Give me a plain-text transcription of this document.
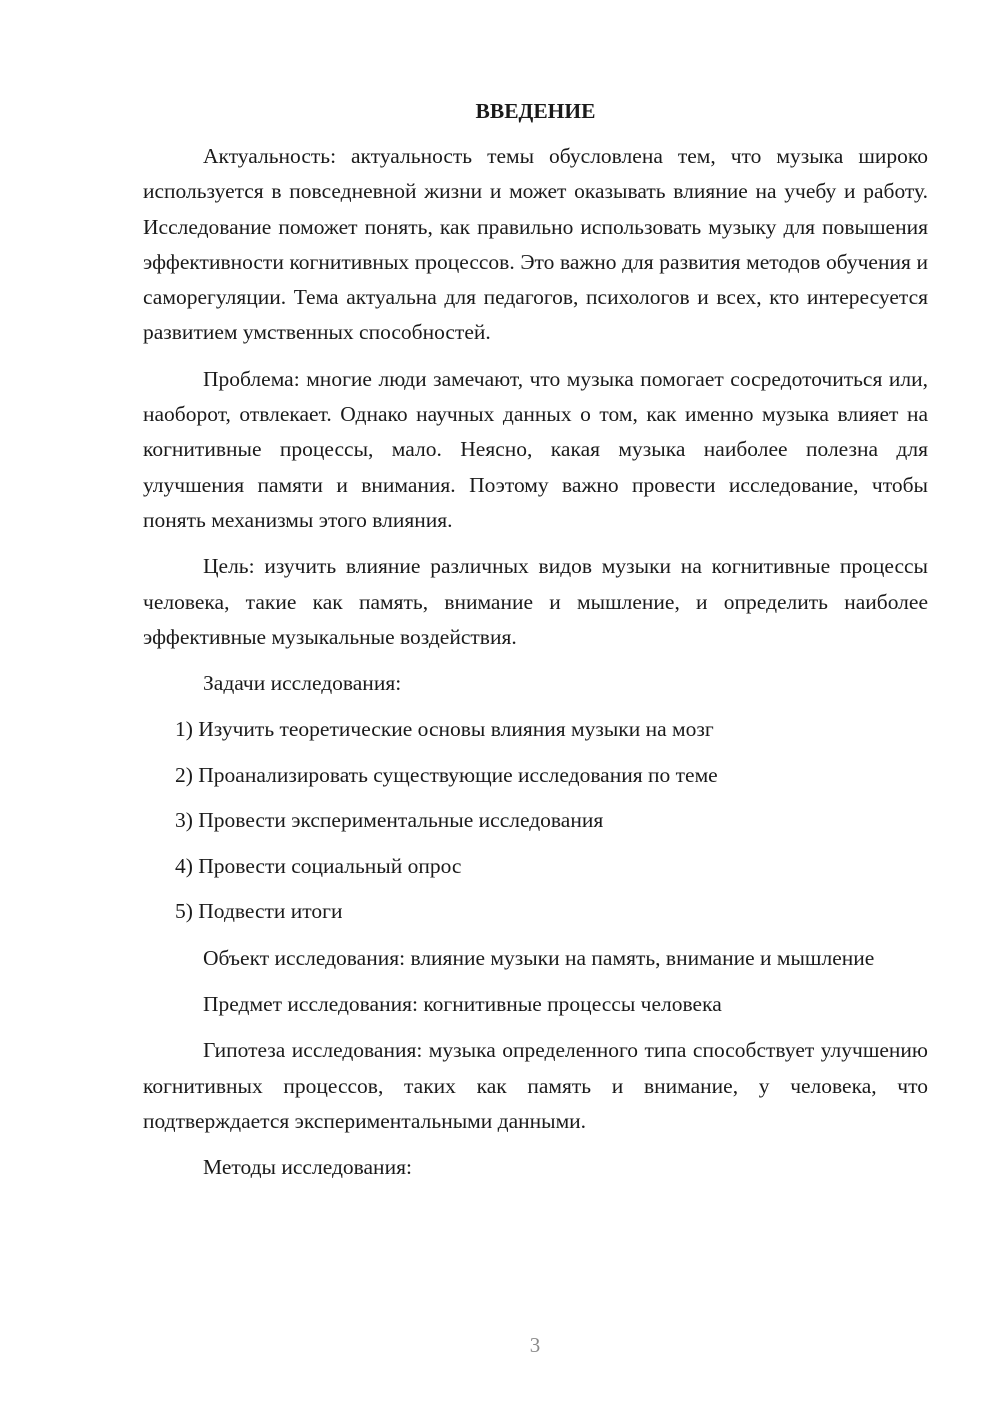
ВВЕДЕНИЕ

Актуальность: актуальность темы обусловлена тем, что музыка широко используется в повседневной жизни и может оказывать влияние на учебу и работу. Исследование поможет понять, как правильно использовать музыку для повышения эффективности когнитивных процессов. Это важно для развития методов обучения и саморегуляции. Тема актуальна для педагогов, психологов и всех, кто интересуется развитием умственных способностей.

Проблема: многие люди замечают, что музыка помогает сосредоточиться или, наоборот, отвлекает. Однако научных данных о том, как именно музыка влияет на когнитивные процессы, мало. Неясно, какая музыка наиболее полезна для улучшения памяти и внимания. Поэтому важно провести исследование, чтобы понять механизмы этого влияния.

Цель: изучить влияние различных видов музыки на когнитивные процессы человека, такие как память, внимание и мышление, и определить наиболее эффективные музыкальные воздействия.

Задачи исследования:

1) Изучить теоретические основы влияния музыки на мозг
2) Проанализировать существующие исследования по теме
3) Провести экспериментальные исследования
4) Провести социальный опрос
5) Подвести итоги

Объект исследования: влияние музыки на память, внимание и мышление

Предмет исследования: когнитивные процессы человека

Гипотеза исследования: музыка определенного типа способствует улучшению когнитивных процессов, таких как память и внимание, у человека, что подтверждается экспериментальными данными.

Методы исследования:

3
